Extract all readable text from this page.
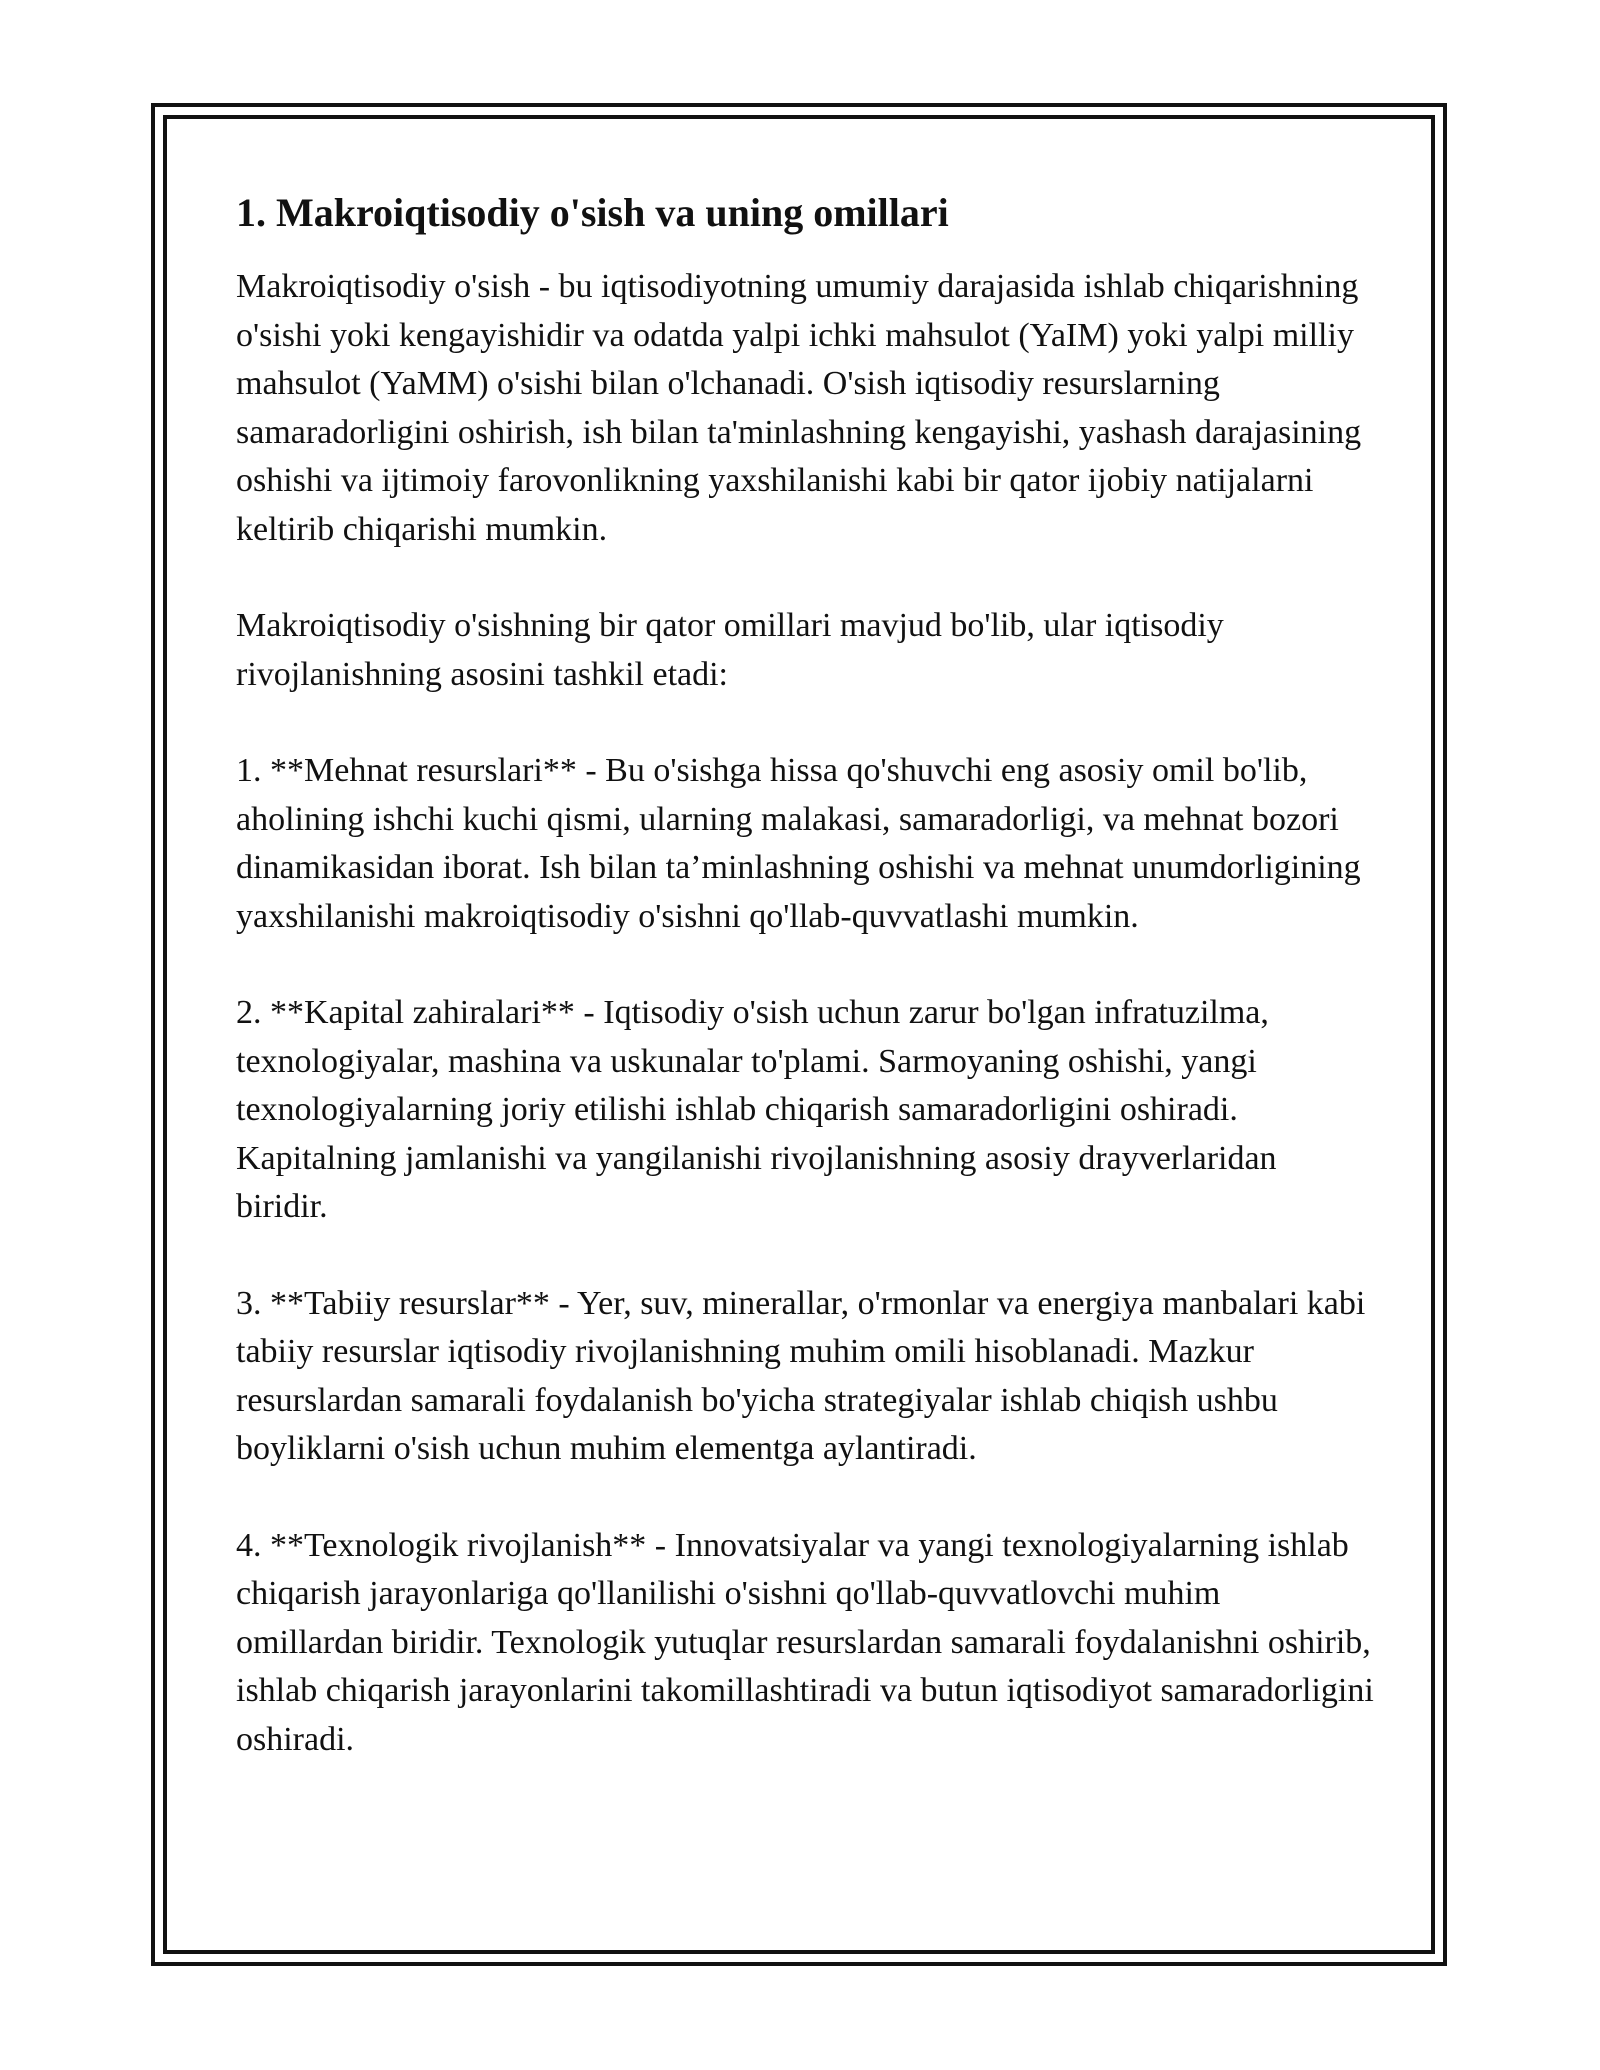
1. Makroiqtisodiy o'sish va uning omillari

Makroiqtisodiy o'sish - bu iqtisodiyotning umumiy darajasida ishlab chiqarishning o'sishi yoki kengayishidir va odatda yalpi ichki mahsulot (YaIM) yoki yalpi milliy mahsulot (YaMM) o'sishi bilan o'lchanadi. O'sish iqtisodiy resurslarning samaradorligini oshirish, ish bilan ta'minlashning kengayishi, yashash darajasining oshishi va ijtimoiy farovonlikning yaxshilanishi kabi bir qator ijobiy natijalarni keltirib chiqarishi mumkin.

Makroiqtisodiy o'sishning bir qator omillari mavjud bo'lib, ular iqtisodiy rivojlanishning asosini tashkil etadi:

1. **Mehnat resurslari** - Bu o'sishga hissa qo'shuvchi eng asosiy omil bo'lib, aholining ishchi kuchi qismi, ularning malakasi, samaradorligi, va mehnat bozori dinamikasidan iborat. Ish bilan ta’minlashning oshishi va mehnat unumdorligining yaxshilanishi makroiqtisodiy o'sishni qo'llab-quvvatlashi mumkin.

2. **Kapital zahiralari** - Iqtisodiy o'sish uchun zarur bo'lgan infratuzilma, texnologiyalar, mashina va uskunalar to'plami. Sarmoyaning oshishi, yangi texnologiyalarning joriy etilishi ishlab chiqarish samaradorligini oshiradi. Kapitalning jamlanishi va yangilanishi rivojlanishning asosiy drayverlaridan biridir.

3. **Tabiiy resurslar** - Yer, suv, minerallar, o'rmonlar va energiya manbalari kabi tabiiy resurslar iqtisodiy rivojlanishning muhim omili hisoblanadi. Mazkur resurslardan samarali foydalanish bo'yicha strategiyalar ishlab chiqish ushbu boyliklarni o'sish uchun muhim elementga aylantiradi.

4. **Texnologik rivojlanish** - Innovatsiyalar va yangi texnologiyalarning ishlab chiqarish jarayonlariga qo'llanilishi o'sishni qo'llab-quvvatlovchi muhim omillardan biridir. Texnologik yutuqlar resurslardan samarali foydalanishni oshirib, ishlab chiqarish jarayonlarini takomillashtiradi va butun iqtisodiyot samaradorligini oshiradi.
